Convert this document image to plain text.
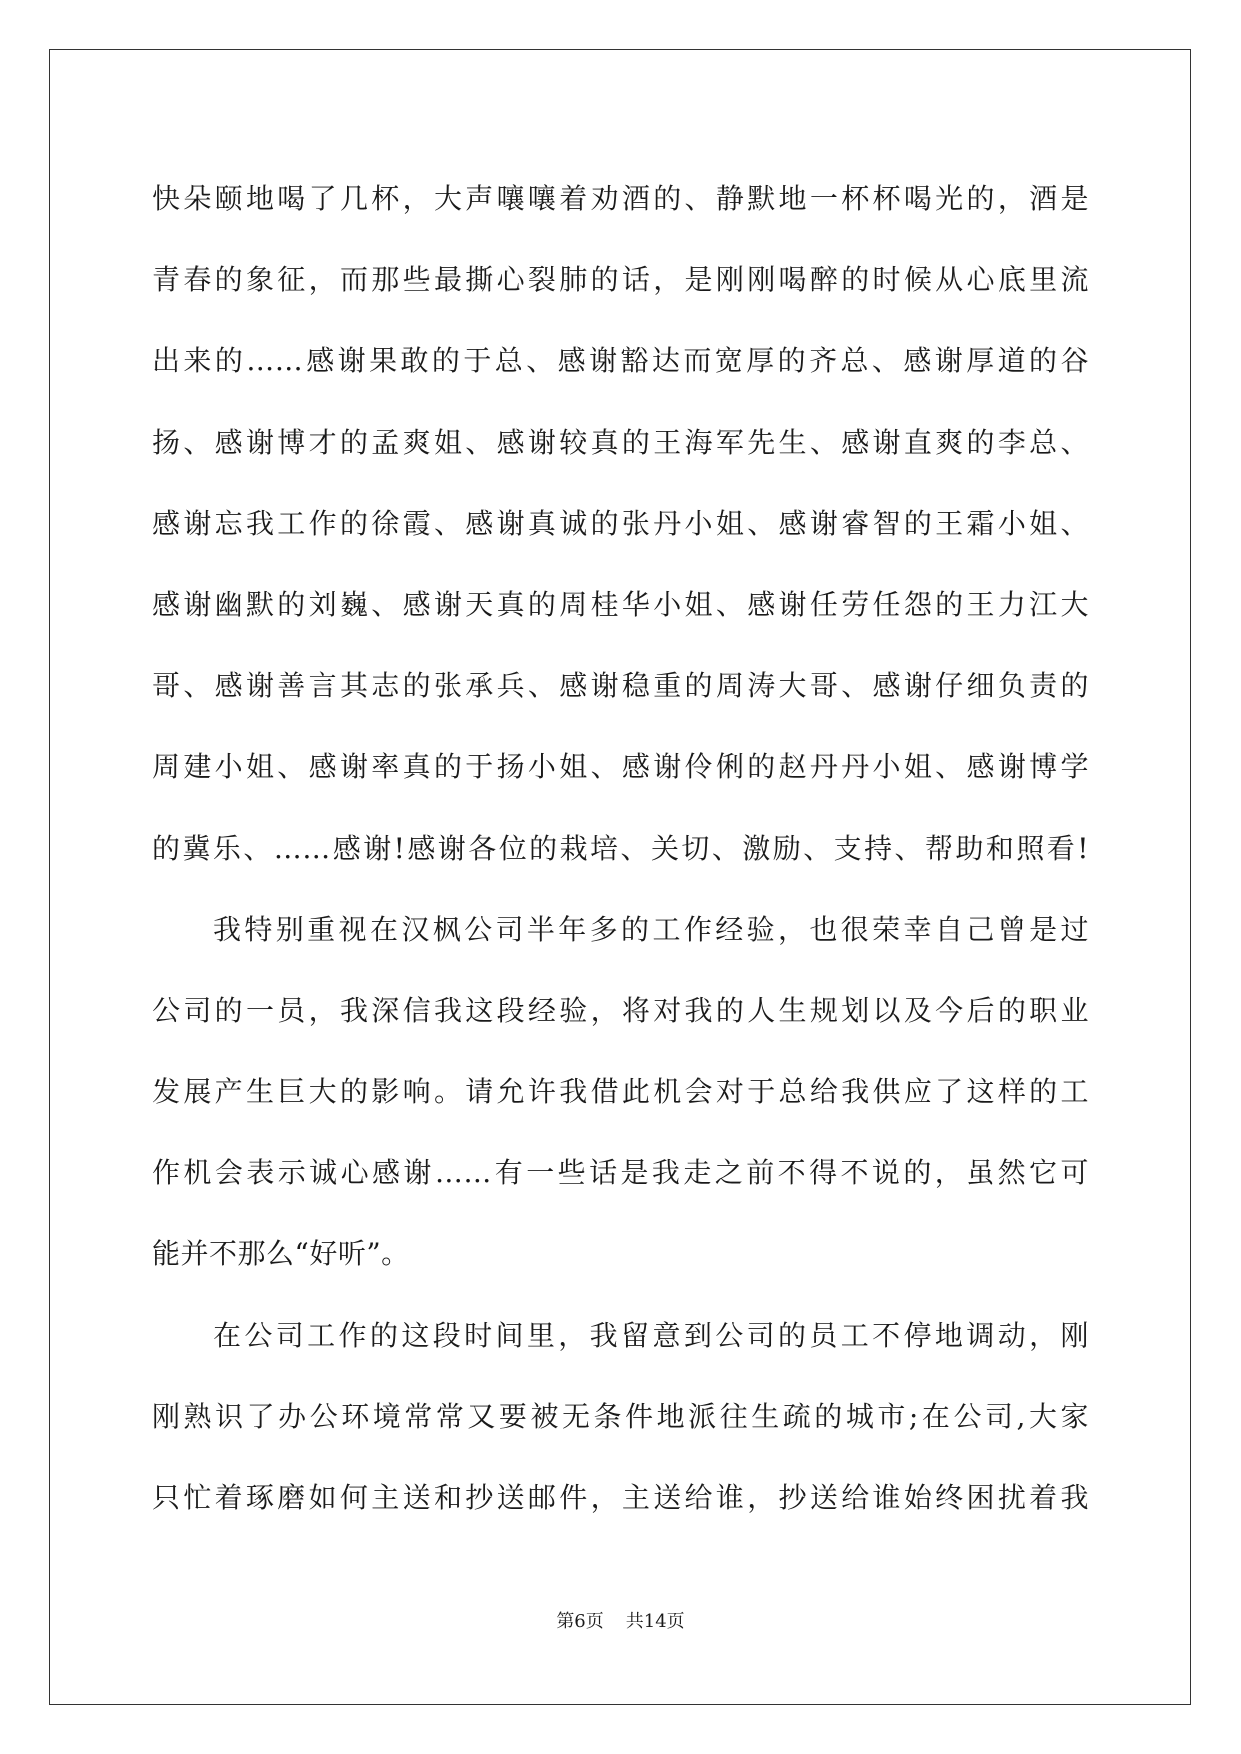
快朵颐地喝了几杯，大声嚷嚷着劝酒的、静默地一杯杯喝光的，酒是
青春的象征，而那些最撕心裂肺的话，是刚刚喝醉的时候从心底里流
出来的……感谢果敢的于总、感谢豁达而宽厚的齐总、感谢厚道的谷
扬、感谢博才的孟爽姐、感谢较真的王海军先生、感谢直爽的李总、
感谢忘我工作的徐霞、感谢真诚的张丹小姐、感谢睿智的王霜小姐、
感谢幽默的刘巍、感谢天真的周桂华小姐、感谢任劳任怨的王力江大
哥、感谢善言其志的张承兵、感谢稳重的周涛大哥、感谢仔细负责的
周建小姐、感谢率真的于扬小姐、感谢伶俐的赵丹丹小姐、感谢博学
的冀乐、……感谢!感谢各位的栽培、关切、激励、支持、帮助和照看!
我特别重视在汉枫公司半年多的工作经验，也很荣幸自己曾是过
公司的一员，我深信我这段经验，将对我的人生规划以及今后的职业
发展产生巨大的影响。请允许我借此机会对于总给我供应了这样的工
作机会表示诚心感谢……有一些话是我走之前不得不说的，虽然它可
能并不那么“好听”。
在公司工作的这段时间里，我留意到公司的员工不停地调动，刚
刚熟识了办公环境常常又要被无条件地派往生疏的城市;在公司,大家
只忙着琢磨如何主送和抄送邮件，主送给谁，抄送给谁始终困扰着我
第6页 共14页
